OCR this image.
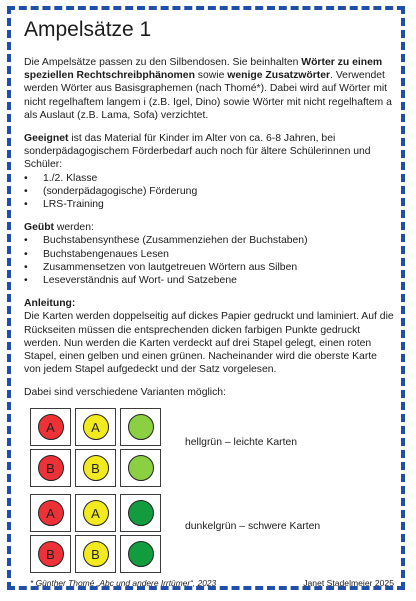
Ampelsätze 1

Die Ampelsätze passen zu den Silbendosen. Sie beinhalten Wörter zu einem speziellen Rechtschreibphänomen sowie wenige Zusatzwörter. Verwendet werden Wörter aus Basisgraphemen (nach Thomé*). Dabei wird auf Wörter mit nicht regelhaftem langem i (z.B. Igel, Dino) sowie Wörter mit nicht regelhaftem a als Auslaut (z.B. Lama, Sofa) verzichtet.

Geeignet ist das Material für Kinder im Alter von ca. 6-8 Jahren, bei sonderpädagogischem Förderbedarf auch noch für ältere Schülerinnen und Schüler:

• 1./2. Klasse
• (sonderpädagogische) Förderung
• LRS-Training

Geübt werden:

• Buchstabensynthese (Zusammenziehen der Buchstaben)
• Buchstabengenaues Lesen
• Zusammensetzen von lautgetreuen Wörtern aus Silben
• Leseverständnis auf Wort- und Satzebene

Anleitung:

Die Karten werden doppelseitig auf dickes Papier gedruckt und laminiert. Auf die Rückseiten müssen die entsprechenden dicken farbigen Punkte gedruckt werden. Nun werden die Karten verdeckt auf drei Stapel gelegt, einen roten Stapel, einen gelben und einen grünen. Nacheinander wird die oberste Karte von jedem Stapel aufgedeckt und der Satz vorgelesen.

Dabei sind verschiedene Varianten möglich:

A	A
B	B
A	A
B	B
hellgrün – leichte Karten
dunkelgrün – schwere Karten
* Günther Thomé „Abc und andere Irrtümer“, 2023	Janet Stadelmeier 2025
